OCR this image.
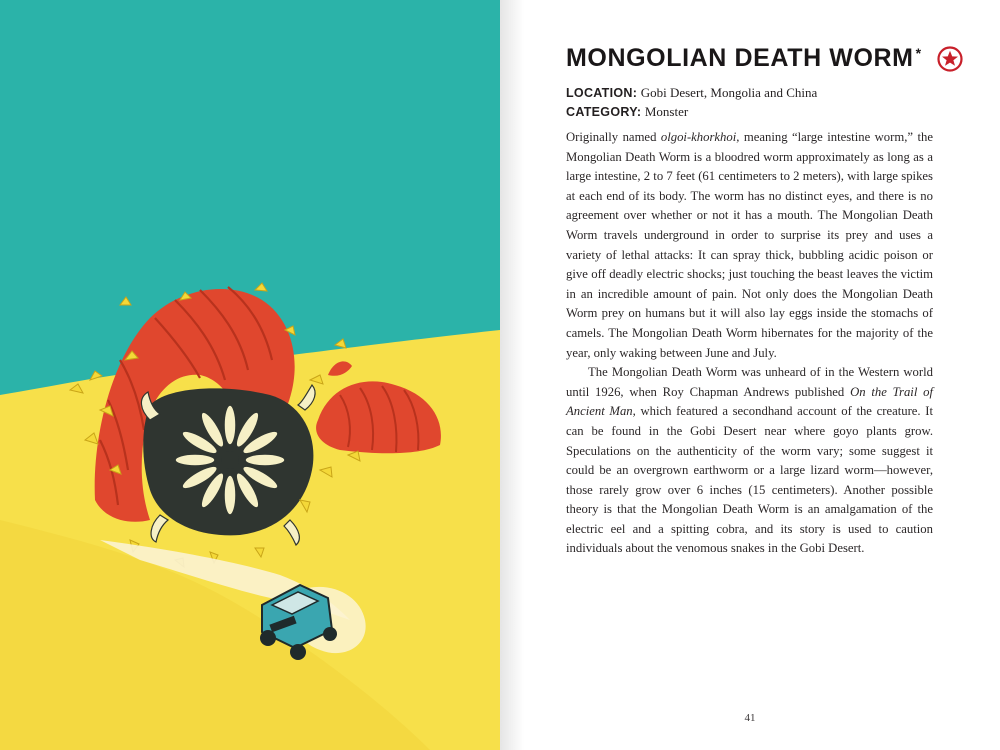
MONGOLIAN DEATH WORM *
LOCATION: Gobi Desert, Mongolia and China
CATEGORY: Monster

Originally named olgoi-khorkhoi, meaning “large intestine worm,” the Mongolian Death Worm is a bloodred worm approximately as long as a large intestine, 2 to 7 feet (61 centimeters to 2 meters), with large spikes at each end of its body. The worm has no distinct eyes, and there is no agreement over whether or not it has a mouth. The Mongolian Death Worm travels underground in order to surprise its prey and uses a variety of lethal attacks: It can spray thick, bubbling acidic poison or give off deadly electric shocks; just touching the beast leaves the victim in an incredible amount of pain. Not only does the Mongolian Death Worm prey on humans but it will also lay eggs inside the stomachs of camels. The Mongolian Death Worm hibernates for the majority of the year, only waking between June and July.

The Mongolian Death Worm was unheard of in the Western world until 1926, when Roy Chapman Andrews published On the Trail of Ancient Man, which featured a secondhand account of the creature. It can be found in the Gobi Desert near where goyo plants grow. Speculations on the authenticity of the worm vary; some suggest it could be an overgrown earthworm or a large lizard worm—however, those rarely grow over 6 inches (15 centimeters). Another possible theory is that the Mongolian Death Worm is an amalgamation of the electric eel and a spitting cobra, and its story is used to caution individuals about the venomous snakes in the Gobi Desert.

41
